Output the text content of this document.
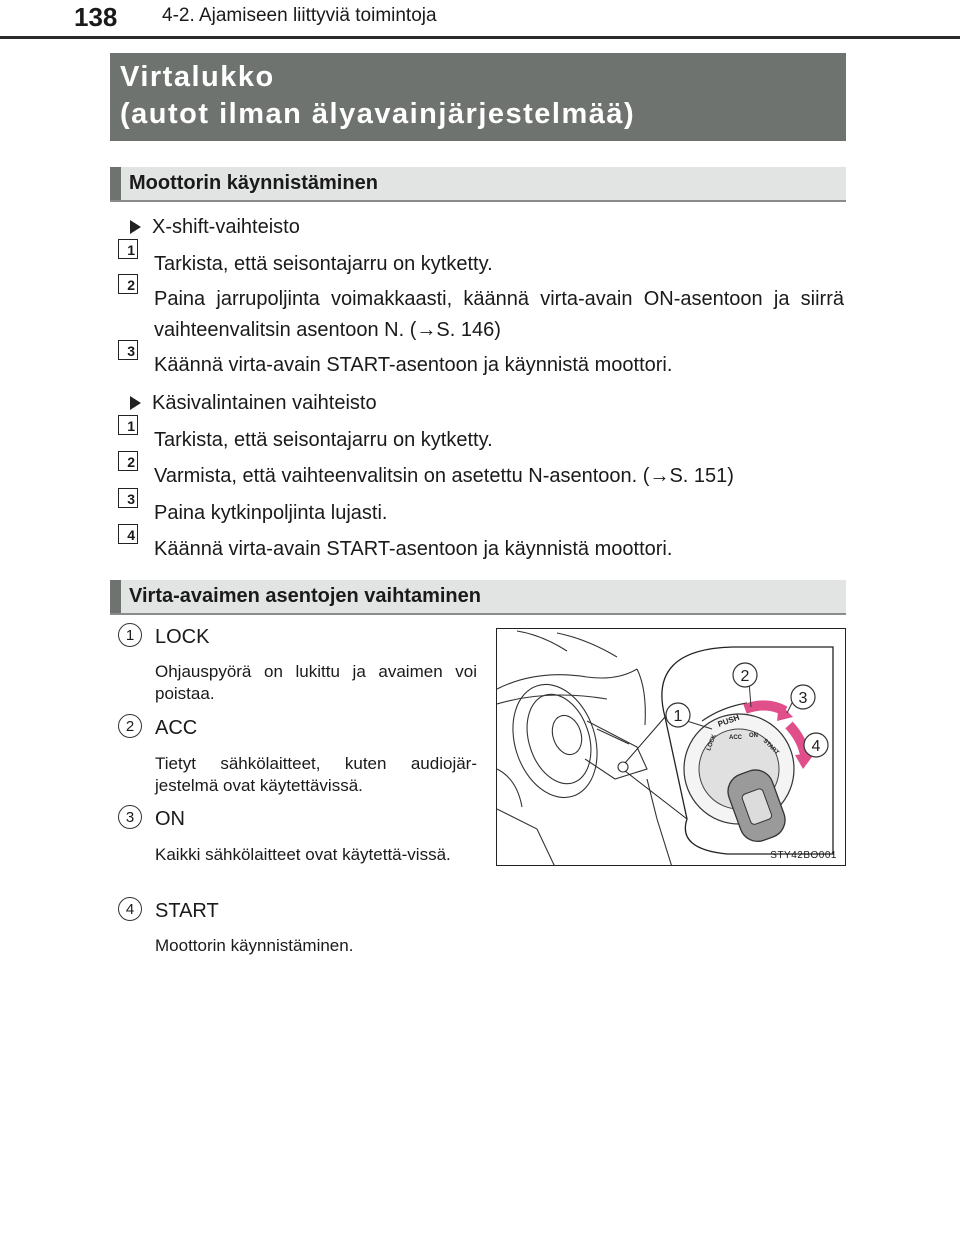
138 4-2. Ajamiseen liittyviä toimintoja
Virtalukko
(autot ilman älyavainjärjestelmää)
Moottorin käynnistäminen
X-shift-vaihteisto
1
Tarkista, että seisontajarru on kytketty.
2
Paina jarrupoljinta voimakkaasti, käännä virta-avain ON-asentoon ja siirrä vaihteenvalitsin asentoon N. (→S. 146)
3
Käännä virta-avain START-asentoon ja käynnistä moottori.
Käsivalintainen vaihteisto
1
Tarkista, että seisontajarru on kytketty.
2
Varmista, että vaihteenvalitsin on asetettu N-asentoon. (→S. 151)
3
Paina kytkinpoljinta lujasti.
4
Käännä virta-avain START-asentoon ja käynnistä moottori.
Virta-avaimen asentojen vaihtaminen
1	LOCK
Ohjauspyörä on lukittu ja avaimen voi poistaa.
2	ACC
Tietyt sähkölaitteet, kuten audiojär-jestelmä ovat käytettävissä.
3	ON
Kaikki sähkölaitteet ovat käytettä-vissä.
4	START
Moottorin käynnistäminen.
1
2
3
4
PUSH
LOCK ACC ON
START
STY42BO001
